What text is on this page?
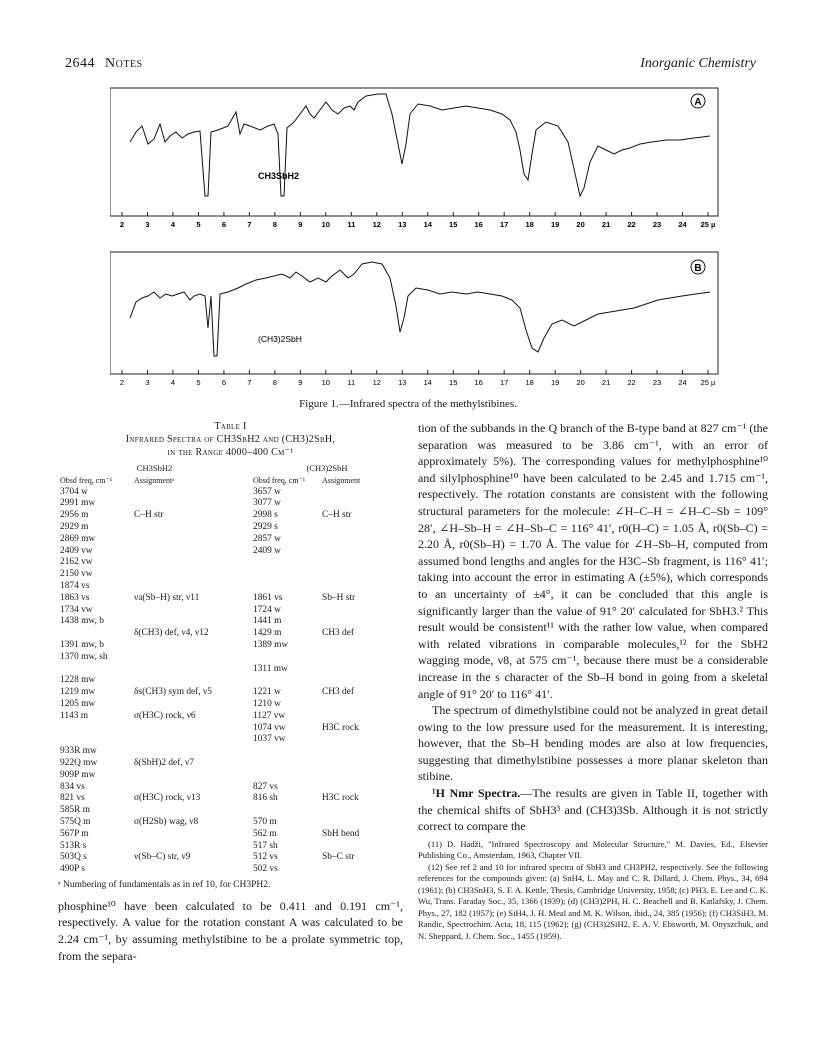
2644 Notes	Inorganic Chemistry
A
CH3SbH2
2	3	4	5	6	7	8	9	10 11 12 13 14 15 16 17 18 19 20 21 22 23 24 25 µ
B
(CH3)2SbH
2	3	4	5	6	7	8	9	10 11 12 13 14 15 16 17 18 19 20 21 22 23 24 25 µ
Figure 1.—Infrared spectra of the methylstibines.
Table I
Infrared Spectra of CH3SbH2 and (CH3)2SbH,
in the Range 4000–400 Cm⁻¹
CH3SbH2		(CH3)2SbH	
Obsd freq, cm⁻¹	Assignmentᵃ	Obsd freq, cm⁻¹	Assignment
3704 w		3657 w	
2991 mw		3077 w	
2956 m	C–H str	2998 s	C–H str
2929 m		2929 s	
2869 mw		2857 w	
2409 vw		2409 w	
2162 vw			
2150 vw			
1874 vs			
1863 vs	νa(Sb–H) str, ν11	1861 vs	Sb–H str
1734 vw		1724 w	
1438 mw, b		1441 m	
	δ(CH3) def, ν4, ν12	1429 m	CH3 def
1391 mw, b		1389 mw	
1370 mw, sh			
		1311 mw	
1228 mw			
1219 mw	δs(CH3) sym def, ν5	1221 w	CH3 def
1205 mw		1210 w	
1143 m	σ(H3C) rock, ν6	1127 vw	
		1074 vw	H3C rock
		1037 vw	
933R mw			
922Q mw	δ(SbH)2 def, ν7		
909P mw			
834 vs		827 vs	
821 vs	σ(H3C) rock, ν13	816 sh	H3C rock
585R m			
575Q m	σ(H2Sb) wag, ν8	570 m	
567P m		562 m	SbH bend
513R s		517 sh	
503Q s	ν(Sb–C) str, ν9	512 vs	Sb–C str
490P s		502 vs	
ᵃ Numbering of fundamentals as in ref 10, for CH3PH2.

phosphine¹⁰ have been calculated to be 0.411 and 0.191 cm⁻¹, respectively. A value for the rotation constant A was calculated to be 2.24 cm⁻¹, by assuming methylstibine to be a prolate symmetric top, from the separa-

tion of the subbands in the Q branch of the B-type band at 827 cm⁻¹ (the separation was measured to be 3.86 cm⁻¹, with an error of approximately 5%). The corresponding values for methylphosphine¹⁰ and silylphosphine¹⁰ have been calculated to be 2.45 and 1.715 cm⁻¹, respectively. The rotation constants are consistent with the following structural parameters for the molecule: ∠H–C–H = ∠H–C–Sb = 109° 28′, ∠H–Sb–H = ∠H–Sb–C = 116° 41′, r0(H–C) = 1.05 Å, r0(Sb–C) = 2.20 Å, r0(Sb–H) = 1.70 Å. The value for ∠H–Sb–H, computed from assumed bond lengths and angles for the H3C–Sb fragment, is 116° 41′; taking into account the error in estimating A (±5%), which corresponds to an uncertainty of ±4°, it can be concluded that this angle is significantly larger than the value of 91° 20′ calculated for SbH3.² This result would be consistent¹¹ with the rather low value, when compared with related vibrations in comparable molecules,¹² for the SbH2 wagging mode, ν8, at 575 cm⁻¹, because there must be a considerable increase in the s character of the Sb–H bond in going from a skeletal angle of 91° 20′ to 116° 41′.

The spectrum of dimethylstibine could not be analyzed in great detail owing to the low pressure used for the measurement. It is interesting, however, that the Sb–H bending modes are also at low frequencies, suggesting that dimethylstibine possesses a more planar skeleton than stibine.

¹H Nmr Spectra.—The results are given in Table II, together with the chemical shifts of SbH3³ and (CH3)3Sb. Although it is not strictly correct to compare the

(11) D. Hadži, "Infrared Spectroscopy and Molecular Structure," M. Davies, Ed., Elsevier Publishing Co., Amsterdam, 1963, Chapter VII.

(12) See ref 2 and 10 for infrared spectra of SbH3 and CH3PH2, respectively. See the following references for the compounds given: (a) SnH4, L. May and C. R. Dillard, J. Chem. Phys., 34, 694 (1961); (b) CH3SnH3, S. F. A. Kettle, Thesis, Cambridge University, 1958; (c) PH3, E. Lee and C. K. Wu, Trans. Faraday Soc., 35, 1366 (1939); (d) (CH3)2PH, H. C. Beachell and B. Katlafsky, J. Chem. Phys., 27, 182 (1957); (e) SiH4, J. H. Meal and M. K. Wilson, ibid., 24, 385 (1956); (f) CH3SiH3, M. Randic, Spectrochim. Acta, 18, 115 (1962); (g) (CH3)2SiH2, E. A. V. Ebsworth, M. Onyszchuk, and N. Sheppard, J. Chem. Soc., 1455 (1959).
